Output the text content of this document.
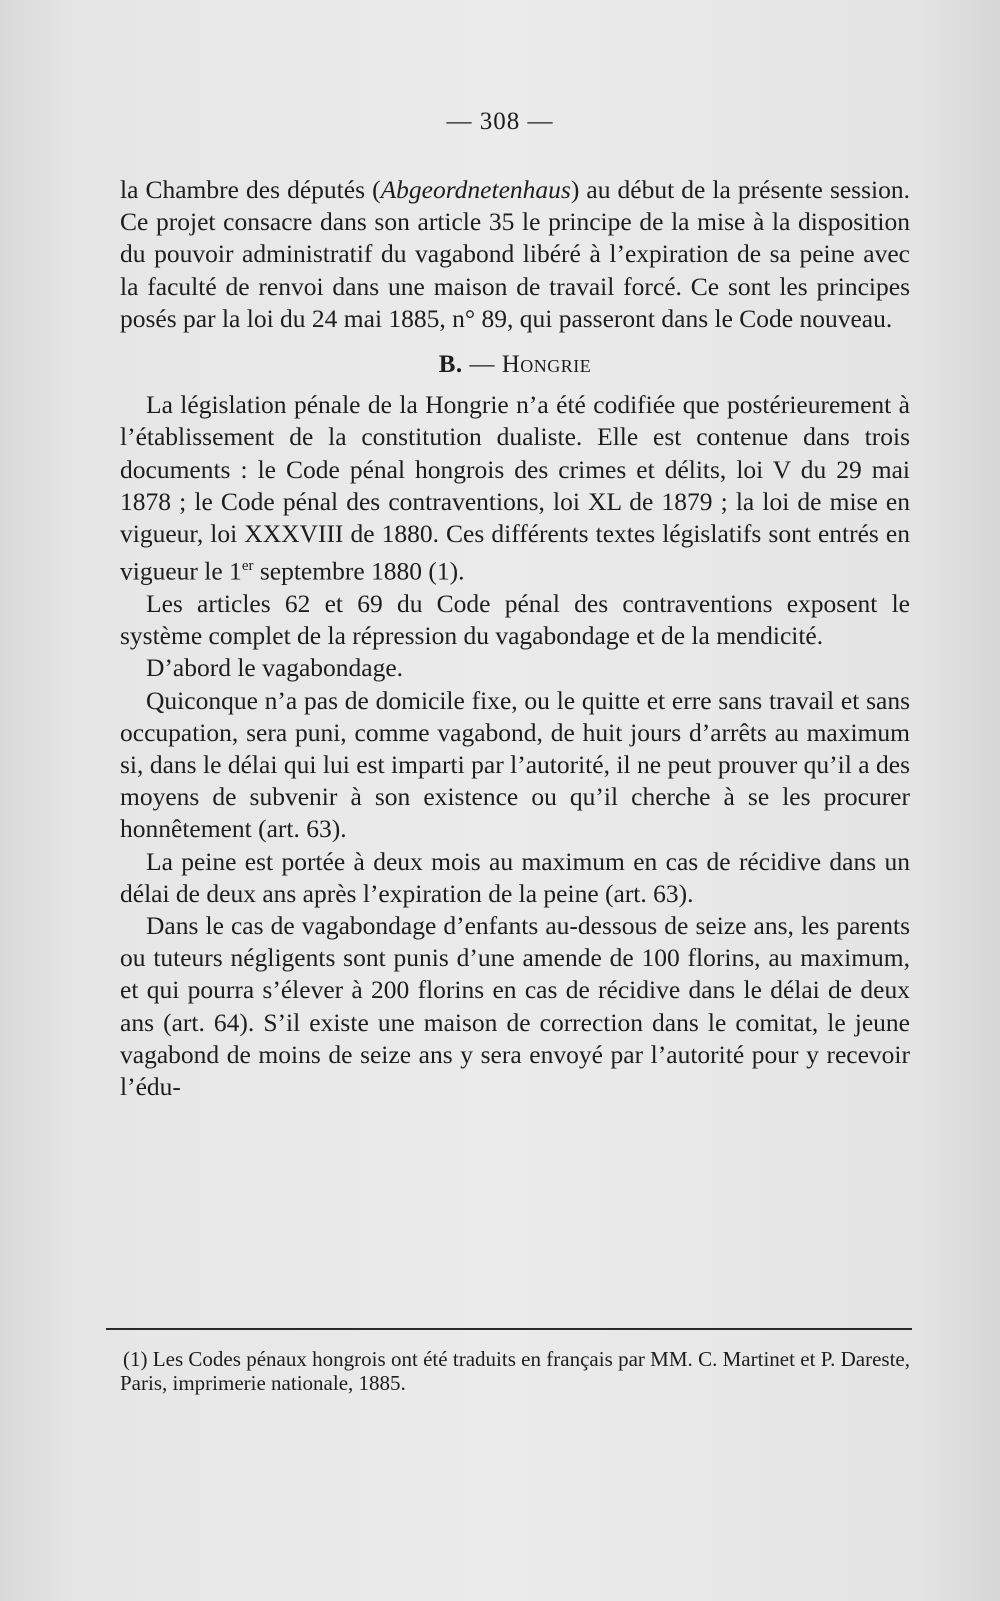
— 308 —

la Chambre des députés (Abgeordnetenhaus) au début de la présente session. Ce projet consacre dans son article 35 le principe de la mise à la disposition du pouvoir administratif du vagabond libéré à l’expiration de sa peine avec la faculté de renvoi dans une maison de travail forcé. Ce sont les principes posés par la loi du 24 mai 1885, n° 89, qui passeront dans le Code nouveau.

B. — Hongrie

La législation pénale de la Hongrie n’a été codifiée que postérieurement à l’établissement de la constitution dualiste. Elle est contenue dans trois documents : le Code pénal hongrois des crimes et délits, loi V du 29 mai 1878 ; le Code pénal des contraventions, loi XL de 1879 ; la loi de mise en vigueur, loi XXXVIII de 1880. Ces différents textes législatifs sont entrés en vigueur le 1er septembre 1880 (1).

Les articles 62 et 69 du Code pénal des contraventions exposent le système complet de la répression du vagabondage et de la mendicité.

D’abord le vagabondage.

Quiconque n’a pas de domicile fixe, ou le quitte et erre sans travail et sans occupation, sera puni, comme vagabond, de huit jours d’arrêts au maximum si, dans le délai qui lui est imparti par l’autorité, il ne peut prouver qu’il a des moyens de subvenir à son existence ou qu’il cherche à se les procurer honnêtement (art. 63).

La peine est portée à deux mois au maximum en cas de récidive dans un délai de deux ans après l’expiration de la peine (art. 63).

Dans le cas de vagabondage d’enfants au-dessous de seize ans, les parents ou tuteurs négligents sont punis d’une amende de 100 florins, au maximum, et qui pourra s’élever à 200 florins en cas de récidive dans le délai de deux ans (art. 64). S’il existe une maison de correction dans le comitat, le jeune vagabond de moins de seize ans y sera envoyé par l’autorité pour y recevoir l’édu-

(1) Les Codes pénaux hongrois ont été traduits en français par MM. C. Martinet et P. Dareste, Paris, imprimerie nationale, 1885.
